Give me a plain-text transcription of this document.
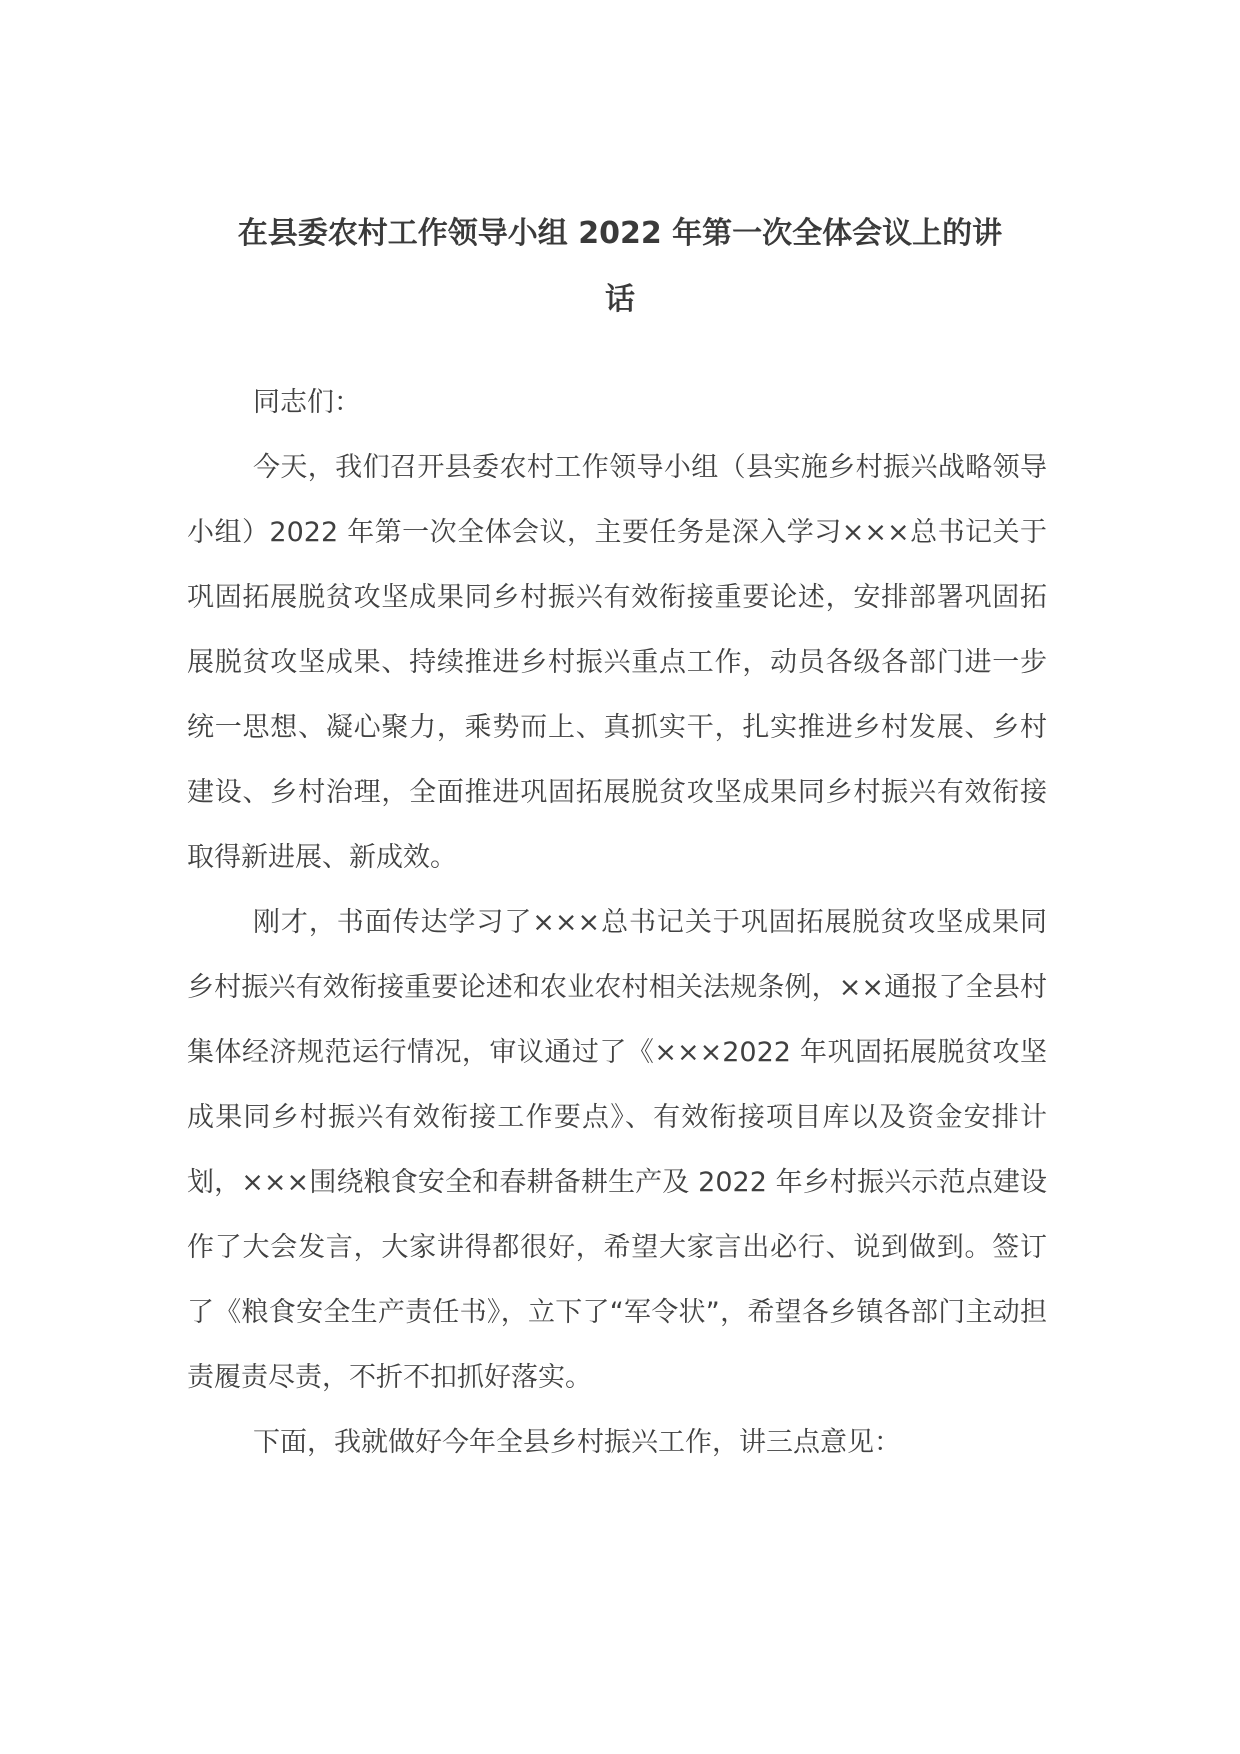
在县委农村工作领导小组 2022 年第一次全体会议上的讲
话

同志们：

今天，我们召开县委农村工作领导小组（县实施乡村振兴战略领导小组）2022 年第一次全体会议，主要任务是深入学习×××总书记关于巩固拓展脱贫攻坚成果同乡村振兴有效衔接重要论述，安排部署巩固拓展脱贫攻坚成果、持续推进乡村振兴重点工作，动员各级各部门进一步统一思想、凝心聚力，乘势而上、真抓实干，扎实推进乡村发展、乡村建设、乡村治理，全面推进巩固拓展脱贫攻坚成果同乡村振兴有效衔接取得新进展、新成效。

刚才，书面传达学习了×××总书记关于巩固拓展脱贫攻坚成果同乡村振兴有效衔接重要论述和农业农村相关法规条例，××通报了全县村集体经济规范运行情况，审议通过了《×××2022 年巩固拓展脱贫攻坚成果同乡村振兴有效衔接工作要点》、有效衔接项目库以及资金安排计划，×××围绕粮食安全和春耕备耕生产及 2022 年乡村振兴示范点建设作了大会发言，大家讲得都很好，希望大家言出必行、说到做到。签订了《粮食安全生产责任书》，立下了“军令状”，希望各乡镇各部门主动担责履责尽责，不折不扣抓好落实。

下面，我就做好今年全县乡村振兴工作，讲三点意见：
